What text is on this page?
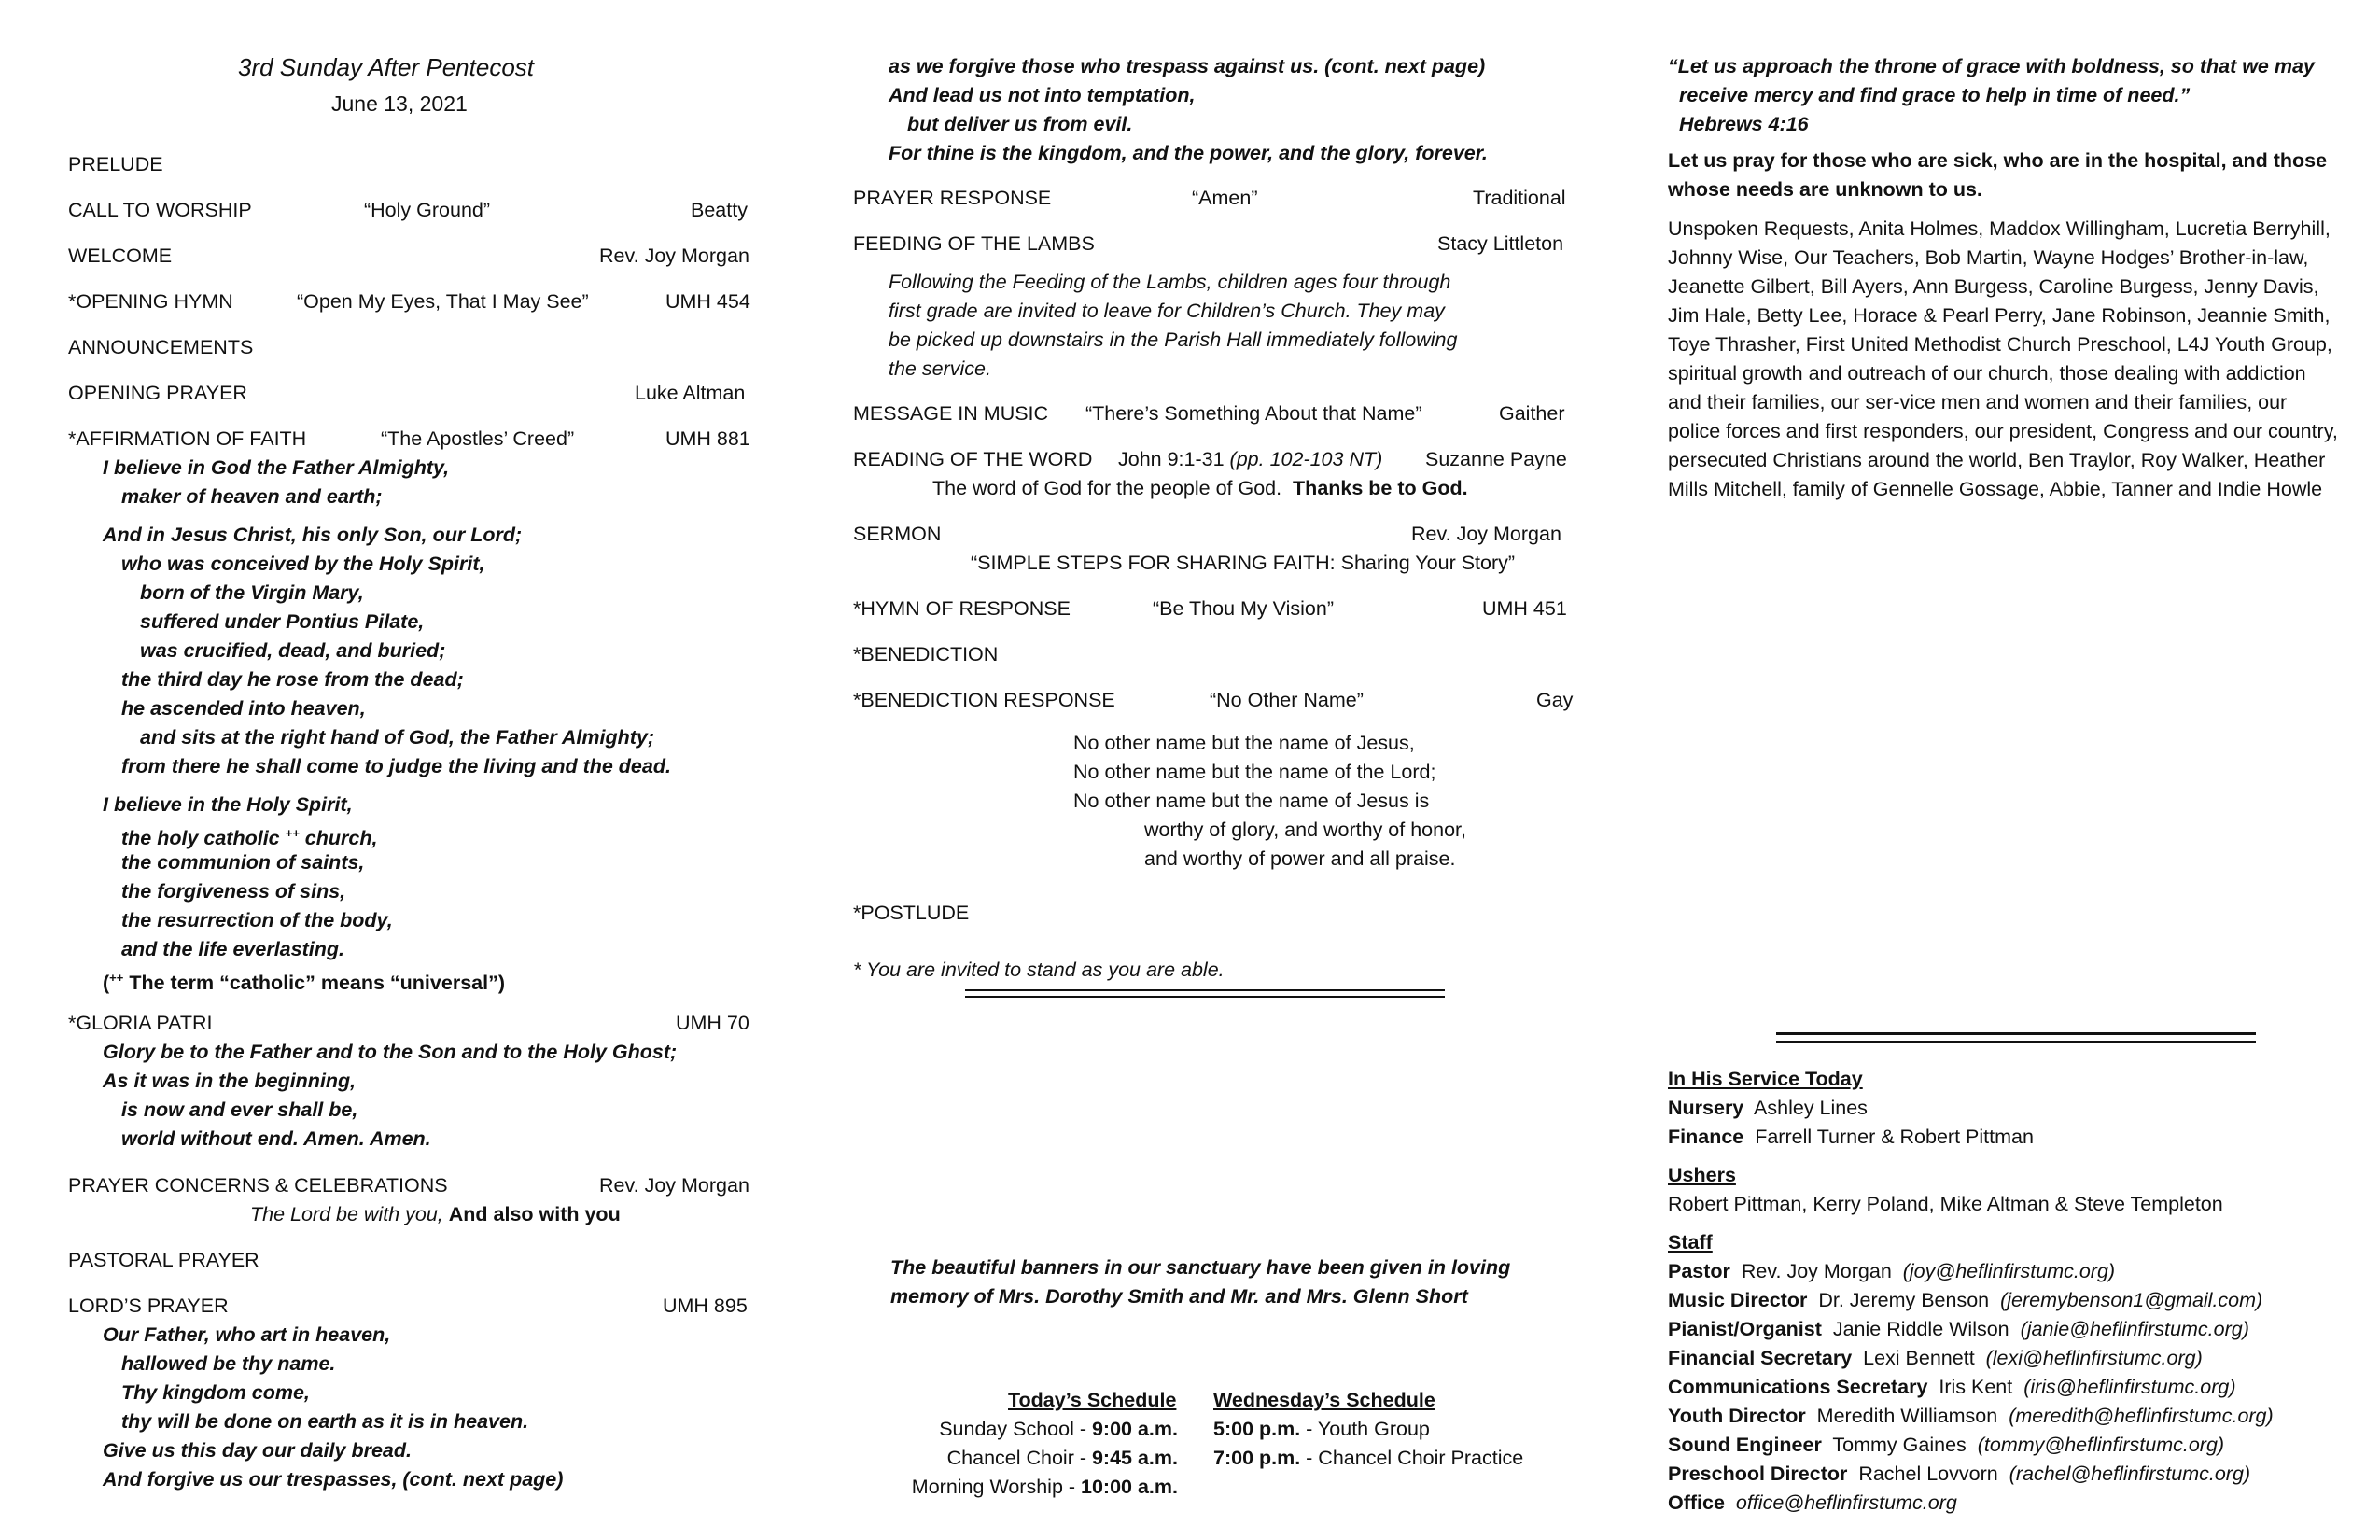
3rd Sunday After Pentecost
June 13, 2021
PRELUDE
CALL TO WORSHIP	“Holy Ground”	Beatty
WELCOME	Rev. Joy Morgan
*OPENING HYMN	“Open My Eyes, That I May See”	UMH 454
ANNOUNCEMENTS
OPENING PRAYER	Luke Altman
*AFFIRMATION OF FAITH	“The Apostles’ Creed”	UMH 881
I believe in God the Father Almighty,
maker of heaven and earth;
And in Jesus Christ, his only Son, our Lord;
who was conceived by the Holy Spirit,
born of the Virgin Mary,
suffered under Pontius Pilate,
was crucified, dead, and buried;
the third day he rose from the dead;
he ascended into heaven,
and sits at the right hand of God, the Father Almighty;
from there he shall come to judge the living and the dead.
I believe in the Holy Spirit,
the holy catholic ++ church,
the communion of saints,
the forgiveness of sins,
the resurrection of the body,
and the life everlasting.
(++ The term “catholic” means “universal”)
*GLORIA PATRI	UMH 70
Glory be to the Father and to the Son and to the Holy Ghost;
As it was in the beginning,
is now and ever shall be,
world without end. Amen. Amen.
PRAYER CONCERNS & CELEBRATIONS	Rev. Joy Morgan
The Lord be with you, And also with you
PASTORAL PRAYER
LORD’S PRAYER	UMH 895
Our Father, who art in heaven,
hallowed be thy name.
Thy kingdom come,
thy will be done on earth as it is in heaven.
Give us this day our daily bread.
And forgive us our trespasses, (cont. next page)
as we forgive those who trespass against us. (cont. next page)
And lead us not into temptation,
but deliver us from evil.
For thine is the kingdom, and the power, and the glory, forever.
PRAYER RESPONSE	“Amen”	Traditional
FEEDING OF THE LAMBS	Stacy Littleton
Following the Feeding of the Lambs, children ages four through
first grade are invited to leave for Children’s Church. They may
be picked up downstairs in the Parish Hall immediately following
the service.
MESSAGE IN MUSIC “There’s Something About that Name”	Gaither
READING OF THE WORD John 9:1-31 (pp. 102-103 NT) Suzanne Payne
The word of God for the people of God. Thanks be to God.
SERMON	Rev. Joy Morgan
“SIMPLE STEPS FOR SHARING FAITH: Sharing Your Story”
*HYMN OF RESPONSE	“Be Thou My Vision”	UMH 451
*BENEDICTION
*BENEDICTION RESPONSE	“No Other Name”	Gay
No other name but the name of Jesus,
No other name but the name of the Lord;
No other name but the name of Jesus is
worthy of glory, and worthy of honor,
and worthy of power and all praise.
*POSTLUDE
* You are invited to stand as you are able.
The beautiful banners in our sanctuary have been given in loving
memory of Mrs. Dorothy Smith and Mr. and Mrs. Glenn Short
Today’s Schedule
Sunday School - 9:00 a.m.
Chancel Choir - 9:45 a.m.
Morning Worship - 10:00 a.m.
Wednesday’s Schedule
5:00 p.m. - Youth Group
7:00 p.m. - Chancel Choir Practice
“Let us approach the throne of grace with boldness, so that we may
receive mercy and find grace to help in time of need.”
Hebrews 4:16
Let us pray for those who are sick, who are in the hospital, and those whose needs are unknown to us.
Unspoken Requests, Anita Holmes, Maddox Willingham, Lucretia Berryhill, Johnny Wise, Our Teachers, Bob Martin, Wayne Hodges’ Brother-in-law, Jeanette Gilbert, Bill Ayers, Ann Burgess, Caroline Burgess, Jenny Davis, Jim Hale, Betty Lee, Horace & Pearl Perry, Jane Robinson, Jeannie Smith, Toye Thrasher, First United Methodist Church Preschool, L4J Youth Group, spiritual growth and outreach of our church, those dealing with addiction and their families, our ser-vice men and women and their families, our police forces and first responders, our president, Congress and our country, persecuted Christians around the world, Ben Traylor, Roy Walker, Heather Mills Mitchell, family of Gennelle Gossage, Abbie, Tanner and Indie Howle
In His Service Today
Nursery Ashley Lines
Finance Farrell Turner & Robert Pittman
Ushers
Robert Pittman, Kerry Poland, Mike Altman & Steve Templeton
Staff
Pastor Rev. Joy Morgan (joy@heflinfirstumc.org)
Music Director Dr. Jeremy Benson (jeremybenson1@gmail.com)
Pianist/Organist Janie Riddle Wilson (janie@heflinfirstumc.org)
Financial Secretary Lexi Bennett (lexi@heflinfirstumc.org)
Communications Secretary Iris Kent (iris@heflinfirstumc.org)
Youth Director Meredith Williamson (meredith@heflinfirstumc.org)
Sound Engineer Tommy Gaines (tommy@heflinfirstumc.org)
Preschool Director Rachel Lovvorn (rachel@heflinfirstumc.org)
Office office@heflinfirstumc.org
